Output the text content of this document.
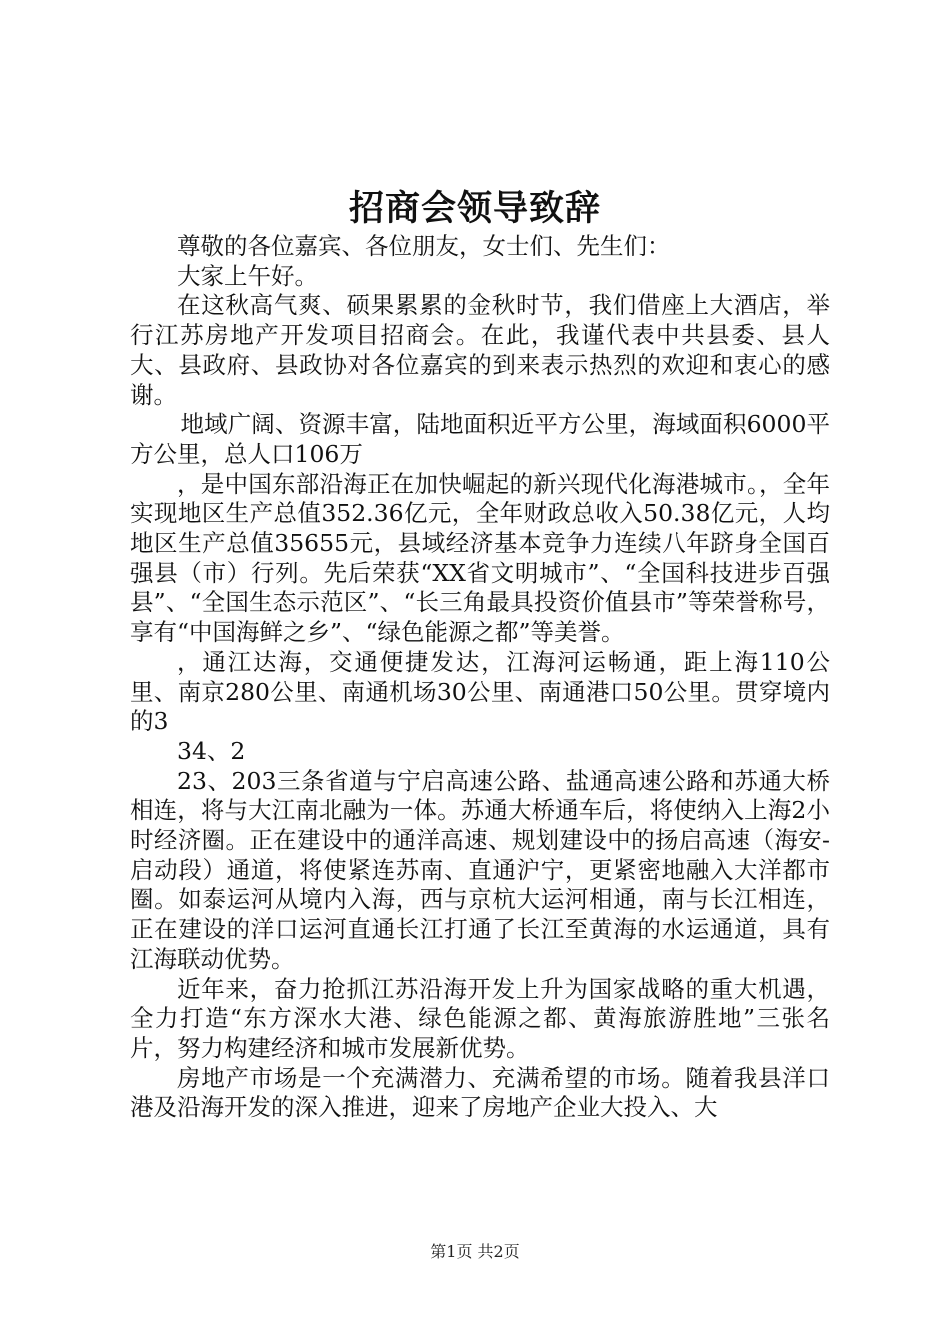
招商会领导致辞

尊敬的各位嘉宾、各位朋友，女士们、先生们：

大家上午好。

在这秋高气爽、硕果累累的金秋时节，我们借座上大酒店，举行江苏房地产开发项目招商会。在此，我谨代表中共县委、县人大、县政府、县政协对各位嘉宾的到来表示热烈的欢迎和衷心的感谢。

地域广阔、资源丰富，陆地面积近平方公里，海域面积6000平方公里，总人口106万

，是中国东部沿海正在加快崛起的新兴现代化海港城市。，全年实现地区生产总值352.36亿元，全年财政总收入50.38亿元，人均地区生产总值35655元，县域经济基本竞争力连续八年跻身全国百强县（市）行列。先后荣获“XX省文明城市”、“全国科技进步百强县”、“全国生态示范区”、“长三角最具投资价值县市”等荣誉称号，享有“中国海鲜之乡”、“绿色能源之都”等美誉。

，通江达海，交通便捷发达，江海河运畅通，距上海110公里、南京280公里、南通机场30公里、南通港口50公里。贯穿境内的3

34、2

23、203三条省道与宁启高速公路、盐通高速公路和苏通大桥相连，将与大江南北融为一体。苏通大桥通车后，将使纳入上海2小时经济圈。正在建设中的通洋高速、规划建设中的扬启高速（海安-启动段）通道，将使紧连苏南、直通沪宁，更紧密地融入大洋都市圈。如泰运河从境内入海，西与京杭大运河相通，南与长江相连，正在建设的洋口运河直通长江打通了长江至黄海的水运通道，具有江海联动优势。

近年来，奋力抢抓江苏沿海开发上升为国家战略的重大机遇，全力打造“东方深水大港、绿色能源之都、黄海旅游胜地”三张名片，努力构建经济和城市发展新优势。

房地产市场是一个充满潜力、充满希望的市场。随着我县洋口港及沿海开发的深入推进，迎来了房地产企业大投入、大

第1页 共2页
